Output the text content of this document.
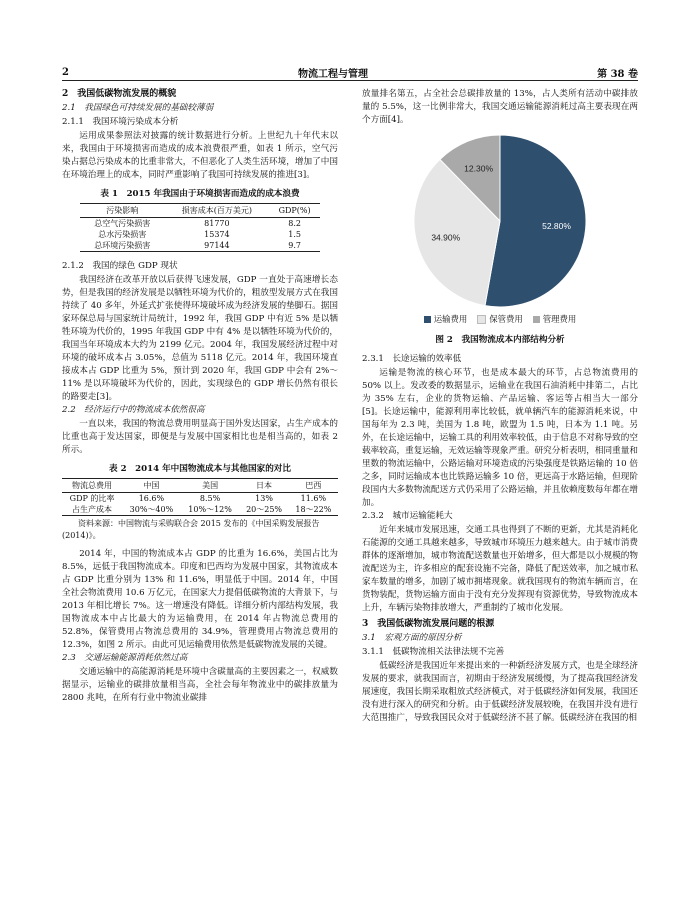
2	物流工程与管理	第 38 卷
2　我国低碳物流发展的概貌
2.1　我国绿色可持续发展的基础较薄弱
2.1.1　我国环境污染成本分析

运用成果参照法对披露的统计数据进行分析。上世纪九十年代末以来，我国由于环境损害而造成的成本浪费很严重，如表 1 所示，空气污染占据总污染成本的比重非常大，不但恶化了人类生活环境，增加了中国在环境治理上的成本，同时严重影响了我国可持续发展的推进[3]。

表 1　2015 年我国由于环境损害而造成的成本浪费
污染影响	损害成本(百万美元)	GDP(%)
总空气污染损害	81770	8.2
总水污染损害	15374	1.5
总环境污染损害	97144	9.7
2.1.2　我国的绿色 GDP 现状

我国经济在改革开放以后获得飞速发展，GDP 一直处于高速增长态势，但是我国的经济发展是以牺牲环境为代价的，粗放型发展方式在我国持续了 40 多年，外延式扩张使得环境破坏成为经济发展的垫脚石。据国家环保总局与国家统计局统计，1992 年，我国 GDP 中有近 5% 是以牺牲环境为代价的，1995 年我国 GDP 中有 4% 是以牺牲环境为代价的，我国当年环境成本大约为 2199 亿元。2004 年，我国发展经济过程中对环境的破坏成本占 3.05%，总值为 5118 亿元。2014 年，我国环境直接成本占 GDP 比重为 5%，预计到 2020 年，我国 GDP 中会有 2%～11% 是以环境破坏为代价的，因此，实现绿色的 GDP 增长仍然有很长的路要走[3]。

2.2　经济运行中的物流成本依然很高

一直以来，我国的物流总费用明显高于国外发达国家，占生产成本的比重也高于发达国家，即便是与发展中国家相比也是相当高的，如表 2 所示。

表 2　2014 年中国物流成本与其他国家的对比
物流总费用	中国	美国	日本	巴西
GDP 的比率	16.6%	8.5%	13%	11.6%
占生产成本	30%～40%	10%～12%	20～25%	18～22%
资料来源：中国物流与采购联合会 2015 发布的《中国采购发展报告(2014)》。

2014 年，中国的物流成本占 GDP 的比重为 16.6%，美国占比为 8.5%，远低于我国物流成本。印度和巴西均为发展中国家，其物流成本占 GDP 比重分别为 13% 和 11.6%，明显低于中国。2014 年，中国全社会物流费用 10.6 万亿元，在国家大力提倡低碳物流的大背景下，与 2013 年相比增长 7%。这一增速没有降低。详细分析内部结构发展，我国物流成本中占比最大的为运输费用，在 2014 年占物流总费用的 52.8%，保管费用占物流总费用的 34.9%，管理费用占物流总费用的 12.3%，如图 2 所示。由此可见运输费用依然是低碳物流发展的关键。

2.3　交通运输能源消耗依然过高

交通运输中的高能源消耗是环境中含碳量高的主要因素之一，权威数据显示，运输业的碳排放量相当高，全社会每年物流业中的碳排放量为 2800 兆吨，在所有行业中物流业碳排

放量排名第五，占全社会总碳排放量的 13%，占人类所有活动中碳排放量的 5.5%，这一比例非常大，我国交通运输能源消耗过高主要表现在两个方面[4]。

52.80%
34.90%
12.30%
运输费用	保管费用 管理费用
图 2　我国物流成本内部结构分析
2.3.1　长途运输的效率低

运输是物流的核心环节，也是成本最大的环节，占总物流费用的 50% 以上。发改委的数据显示，运输业在我国石油消耗中排第二，占比为 35% 左右，企业的货物运输、产品运输、客运等占相当大一部分[5]。长途运输中，能源利用率比较低，就单辆汽车的能源消耗来说，中国每年为 2.3 吨，美国为 1.8 吨，欧盟为 1.5 吨，日本为 1.1 吨。另外，在长途运输中，运输工具的利用效率较低，由于信息不对称导致的空载率较高，重复运输，无效运输等现象严重。研究分析表明，相同重量和里数的物流运输中，公路运输对环境造成的污染强度是铁路运输的 10 倍之多，同时运输成本也比铁路运输多 10 倍，更远高于水路运输，但现阶段国内大多数物流配送方式仍采用了公路运输，并且依赖度数每年都在增加。

2.3.2　城市运输能耗大

近年来城市发展迅速，交通工具也得到了不断的更新，尤其是消耗化石能源的交通工具越来越多，导致城市环境压力越来越大。由于城市消费群体的逐渐增加，城市物流配送数量也开始增多，但大都是以小规模的物流配送为主，许多相应的配套设施不完备，降低了配送效率，加之城市私家车数量的增多，加剧了城市拥堵现象。就我国现有的物流车辆而言，在货物装配，货物运输方面由于没有充分发挥现有资源优势，导致物流成本上升，车辆污染物排放增大，严重制约了城市化发展。

3　我国低碳物流发展问题的根源
3.1　宏观方面的原因分析
3.1.1　低碳物流相关法律法规不完善

低碳经济是我国近年来提出来的一种新经济发展方式，也是全球经济发展的要求，就我国而言，初期由于经济发展缓慢，为了提高我国经济发展速度，我国长期采取粗放式经济模式，对于低碳经济如何发展，我国还没有进行深入的研究和分析。由于低碳经济发展较晚，在我国并没有进行大范围推广，导致我国民众对于低碳经济不甚了解。低碳经济在我国的相
